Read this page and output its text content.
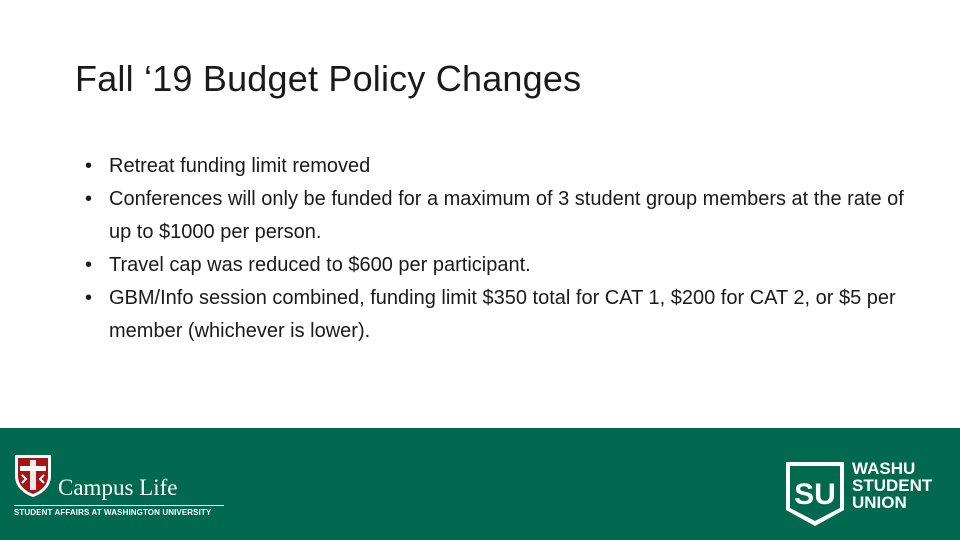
Fall ‘19 Budget Policy Changes
• Retreat funding limit removed
• Conferences will only be funded for a maximum of 3 student group members at the rate of up to $1000 per person.
• Travel cap was reduced to $600 per participant.
• GBM/Info session combined, funding limit $350 total for CAT 1, $200 for CAT 2, or $5 per member (whichever is lower).
Campus Life
STUDENT AFFAIRS AT WASHINGTON UNIVERSITY
SU
WASHU
STUDENT
UNION
